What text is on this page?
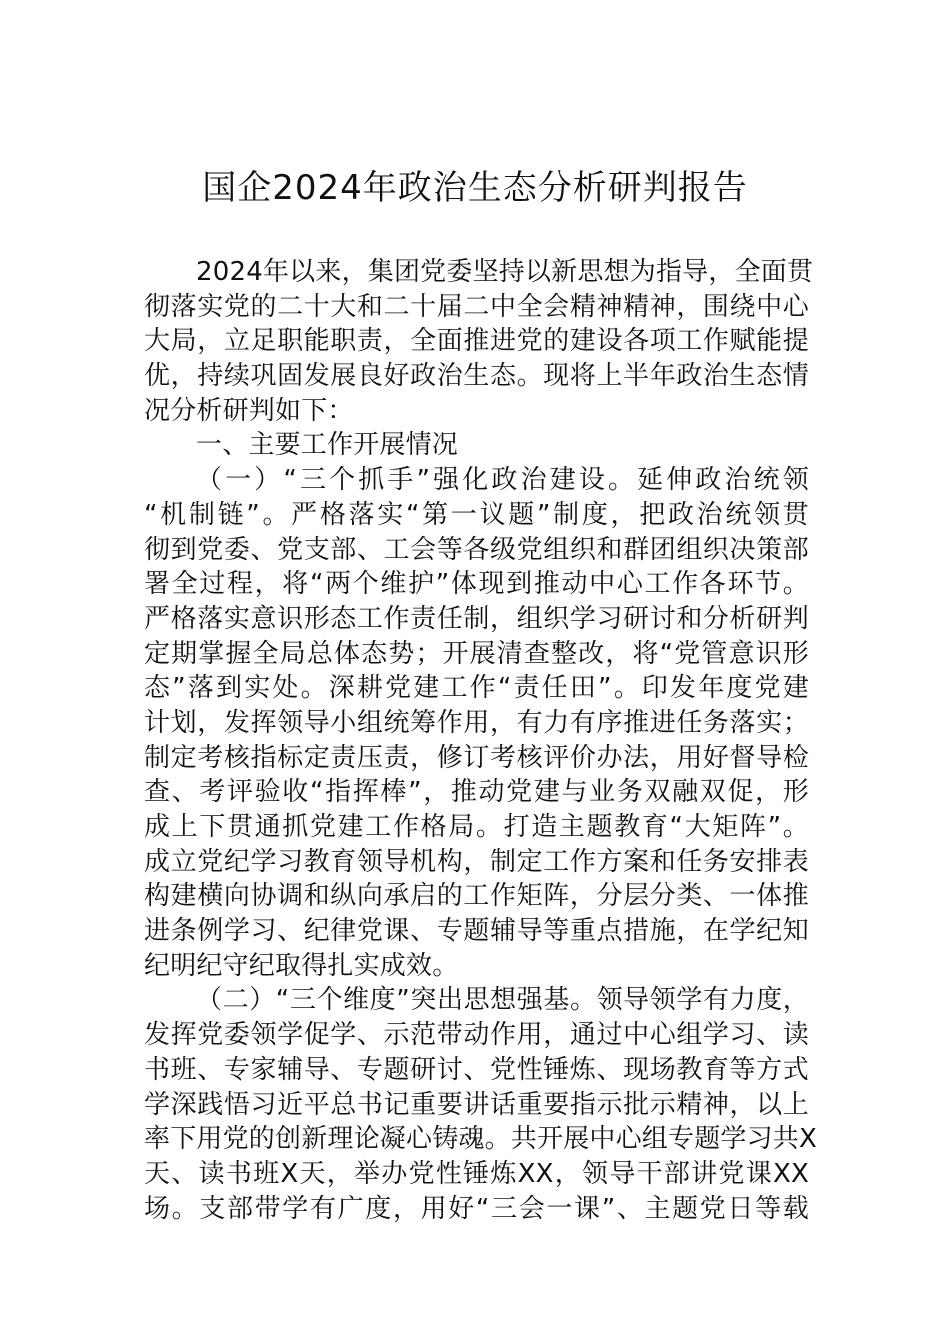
国企2024年政治生态分析研判报告
2024年以来，集团党委坚持以新思想为指导，全面贯
彻落实党的二十大和二十届二中全会精神精神，围绕中心
大局，立足职能职责，全面推进党的建设各项工作赋能提
优，持续巩固发展良好政治生态。现将上半年政治生态情
况分析研判如下：
一、主要工作开展情况
（一）“三个抓手”强化政治建设。延伸政治统领
“机制链”。严格落实“第一议题”制度，把政治统领贯
彻到党委、党支部、工会等各级党组织和群团组织决策部
署全过程，将“两个维护”体现到推动中心工作各环节。
严格落实意识形态工作责任制，组织学习研讨和分析研判
定期掌握全局总体态势；开展清查整改，将“党管意识形
态”落到实处。深耕党建工作“责任田”。印发年度党建
计划，发挥领导小组统筹作用，有力有序推进任务落实；
制定考核指标定责压责，修订考核评价办法，用好督导检
查、考评验收“指挥棒”，推动党建与业务双融双促，形
成上下贯通抓党建工作格局。打造主题教育“大矩阵”。
成立党纪学习教育领导机构，制定工作方案和任务安排表
构建横向协调和纵向承启的工作矩阵，分层分类、一体推
进条例学习、纪律党课、专题辅导等重点措施，在学纪知
纪明纪守纪取得扎实成效。
（二）“三个维度”突出思想强基。领导领学有力度，
发挥党委领学促学、示范带动作用，通过中心组学习、读
书班、专家辅导、专题研讨、党性锤炼、现场教育等方式
学深践悟习近平总书记重要讲话重要指示批示精神，以上
率下用党的创新理论凝心铸魂。共开展中心组专题学习共X
天、读书班X天，举办党性锤炼XX，领导干部讲党课XX
场。支部带学有广度，用好“三会一课”、主题党日等载
